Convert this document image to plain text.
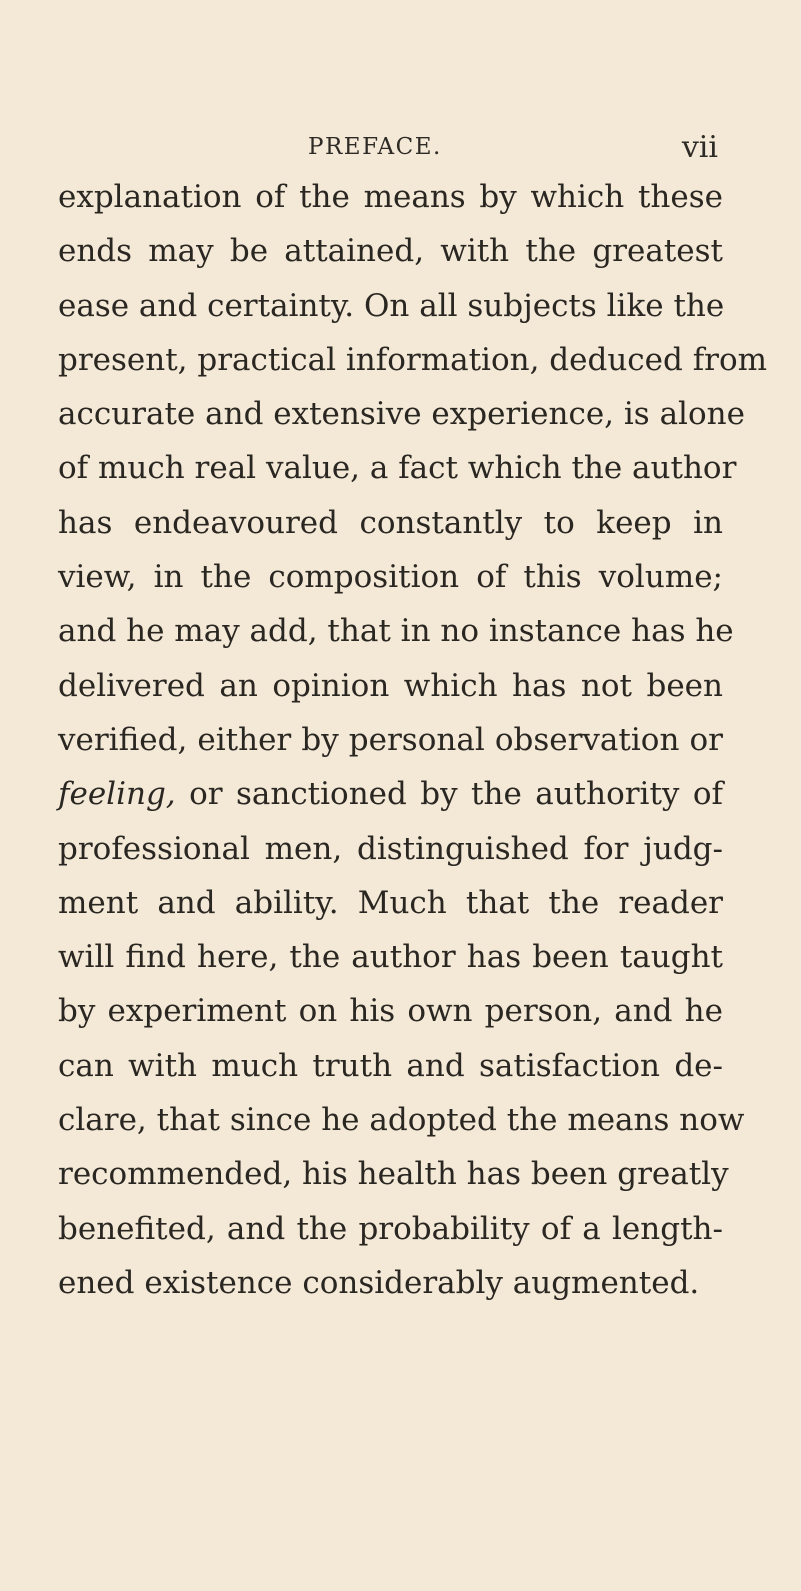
PREFACE.	vii
explanation of the means by which these
ends may be attained, with the greatest
ease and certainty. On all subjects like the
present, practical information, deduced from
accurate and extensive experience, is alone
of much real value, a fact which the author
has endeavoured constantly to keep in
view, in the composition of this volume;
and he may add, that in no instance has he
delivered an opinion which has not been
verified, either by personal observation or
feeling, or sanctioned by the authority of
professional men, distinguished for judg-
ment and ability. Much that the reader
will find here, the author has been taught
by experiment on his own person, and he
can with much truth and satisfaction de-
clare, that since he adopted the means now
recommended, his health has been greatly
benefited, and the probability of a length-
ened existence considerably augmented.
